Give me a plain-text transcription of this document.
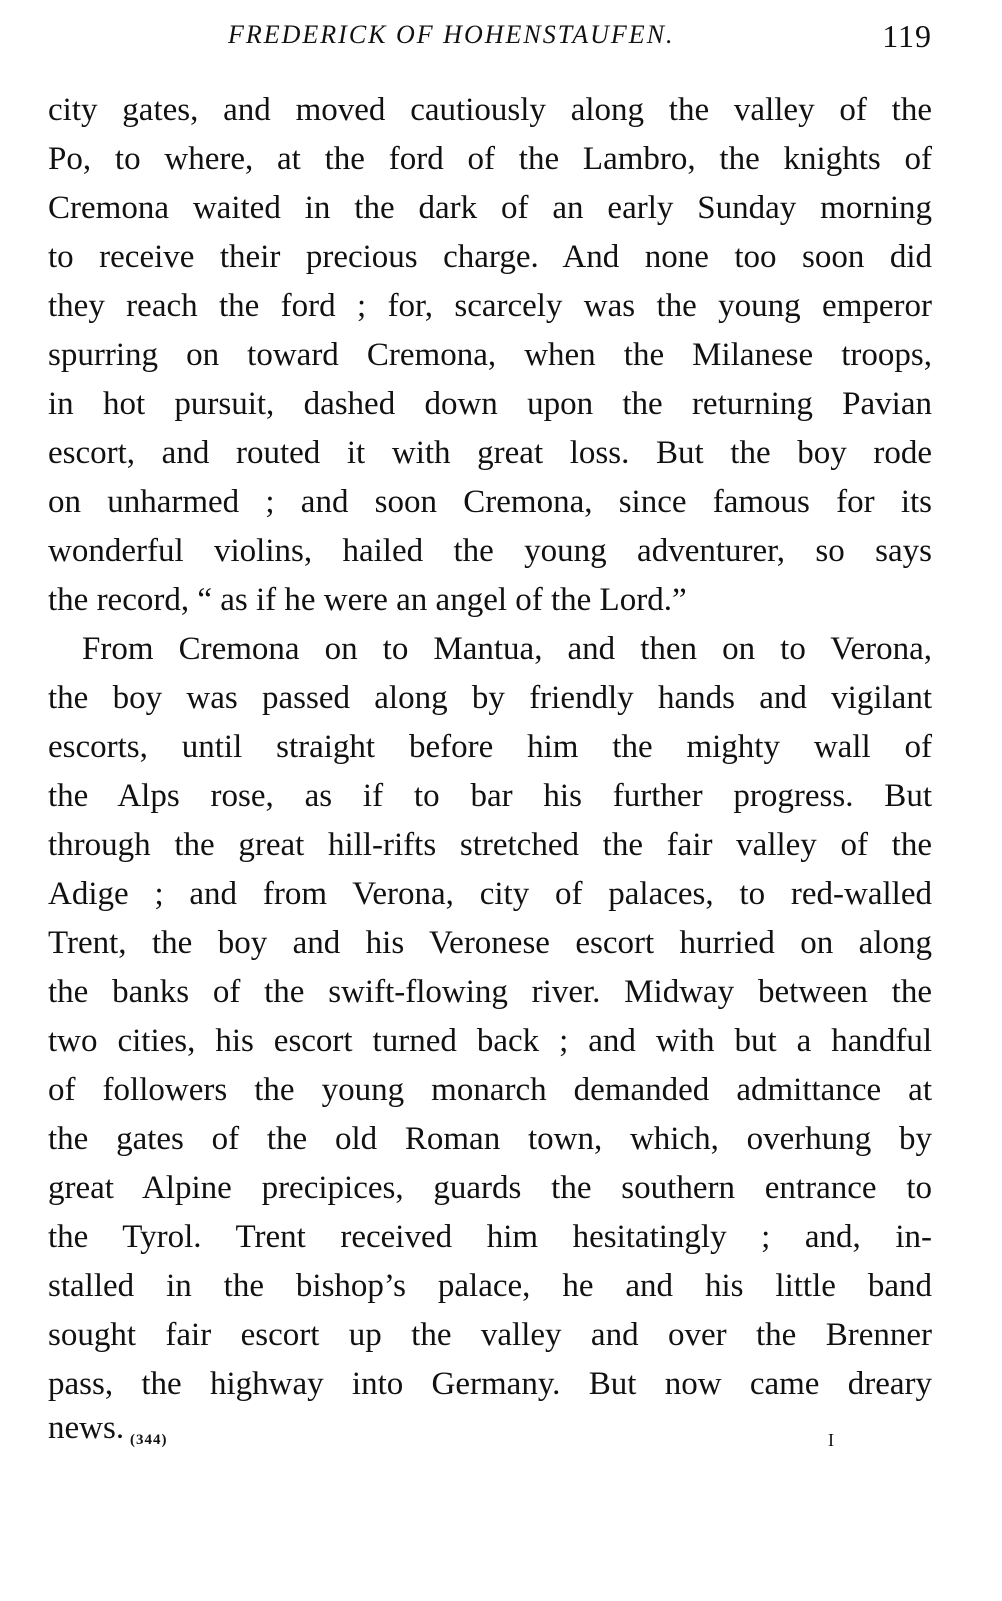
FREDERICK OF HOHENSTAUFEN.	119
city gates, and moved cautiously along the valley of the
Po, to where, at the ford of the Lambro, the knights of
Cremona waited in the dark of an early Sunday morning
to receive their precious charge. And none too soon did
they reach the ford ; for, scarcely was the young emperor
spurring on toward Cremona, when the Milanese troops,
in hot pursuit, dashed down upon the returning Pavian
escort, and routed it with great loss. But the boy rode
on unharmed ; and soon Cremona, since famous for its
wonderful violins, hailed the young adventurer, so says
the record, “ as if he were an angel of the Lord.”
From Cremona on to Mantua, and then on to Verona,
the boy was passed along by friendly hands and vigilant
escorts, until straight before him the mighty wall of
the Alps rose, as if to bar his further progress. But
through the great hill-rifts stretched the fair valley of the
Adige ; and from Verona, city of palaces, to red-walled
Trent, the boy and his Veronese escort hurried on along
the banks of the swift-flowing river. Midway between the
two cities, his escort turned back ; and with but a handful
of followers the young monarch demanded admittance at
the gates of the old Roman town, which, overhung by
great Alpine precipices, guards the southern entrance to
the Tyrol. Trent received him hesitatingly ; and, in-
stalled in the bishop’s palace, he and his little band
sought fair escort up the valley and over the Brenner
pass, the highway into Germany. But now came dreary
news. (344)	I
